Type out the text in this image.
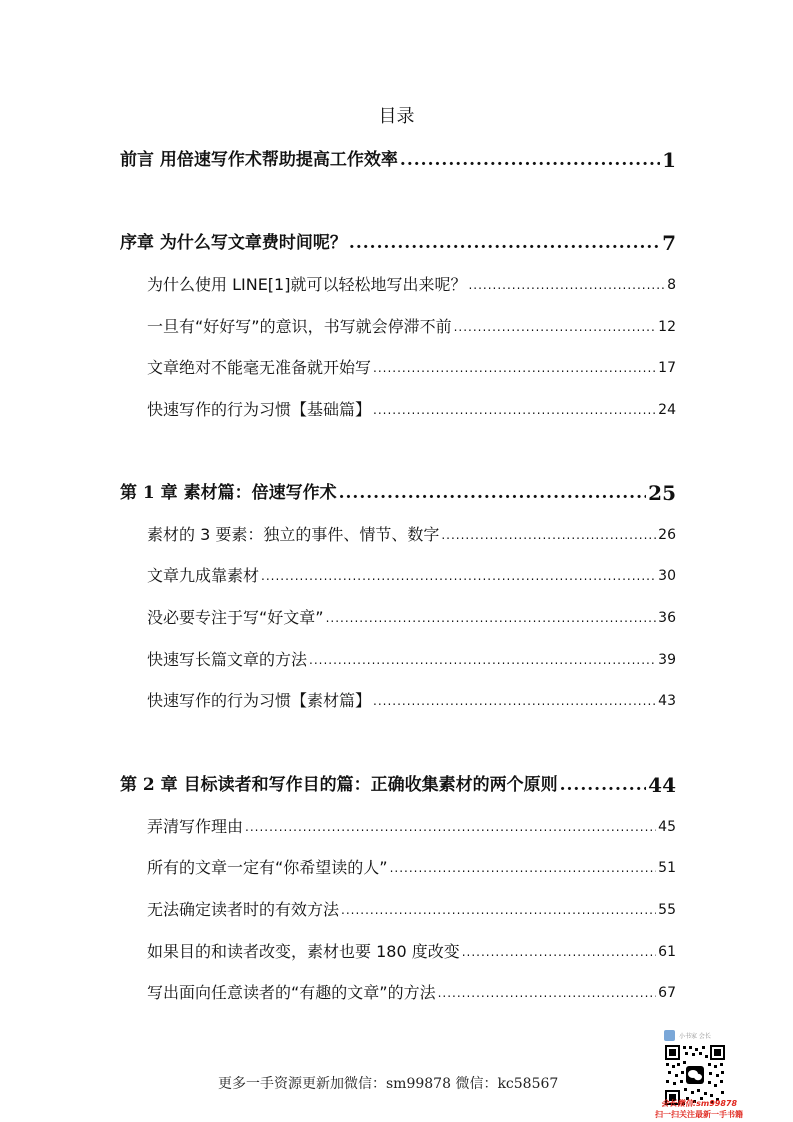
目录
前言 用倍速写作术帮助提高工作效率 .....	1
序章 为什么写文章费时间呢？ .....	7
为什么使用 LINE[1]就可以轻松地写出来呢？ .....	8
一旦有“好好写”的意识，书写就会停滞不前 .....	12
文章绝对不能毫无准备就开始写 .....	17
快速写作的行为习惯【基础篇】 .....	24
第 1 章 素材篇：倍速写作术 .....	25
素材的 3 要素：独立的事件、情节、数字 .....	26
文章九成靠素材 .....	30
没必要专注于写“好文章” .....	36
快速写长篇文章的方法 .....	39
快速写作的行为习惯【素材篇】 .....	43
第 2 章 目标读者和写作目的篇：正确收集素材的两个原则 .....	44
弄清写作理由 .....	45
所有的文章一定有“你希望读的人” .....	51
无法确定读者时的有效方法 .....	55
如果目的和读者改变，素材也要 180 度改变 .....	61
写出面向任意读者的“有趣的文章”的方法 .....	67
更多一手资源更新加微信：sm99878 微信：kc58567
小书家 会长
会长微信:sm99878
扫一扫关注最新一手书籍
